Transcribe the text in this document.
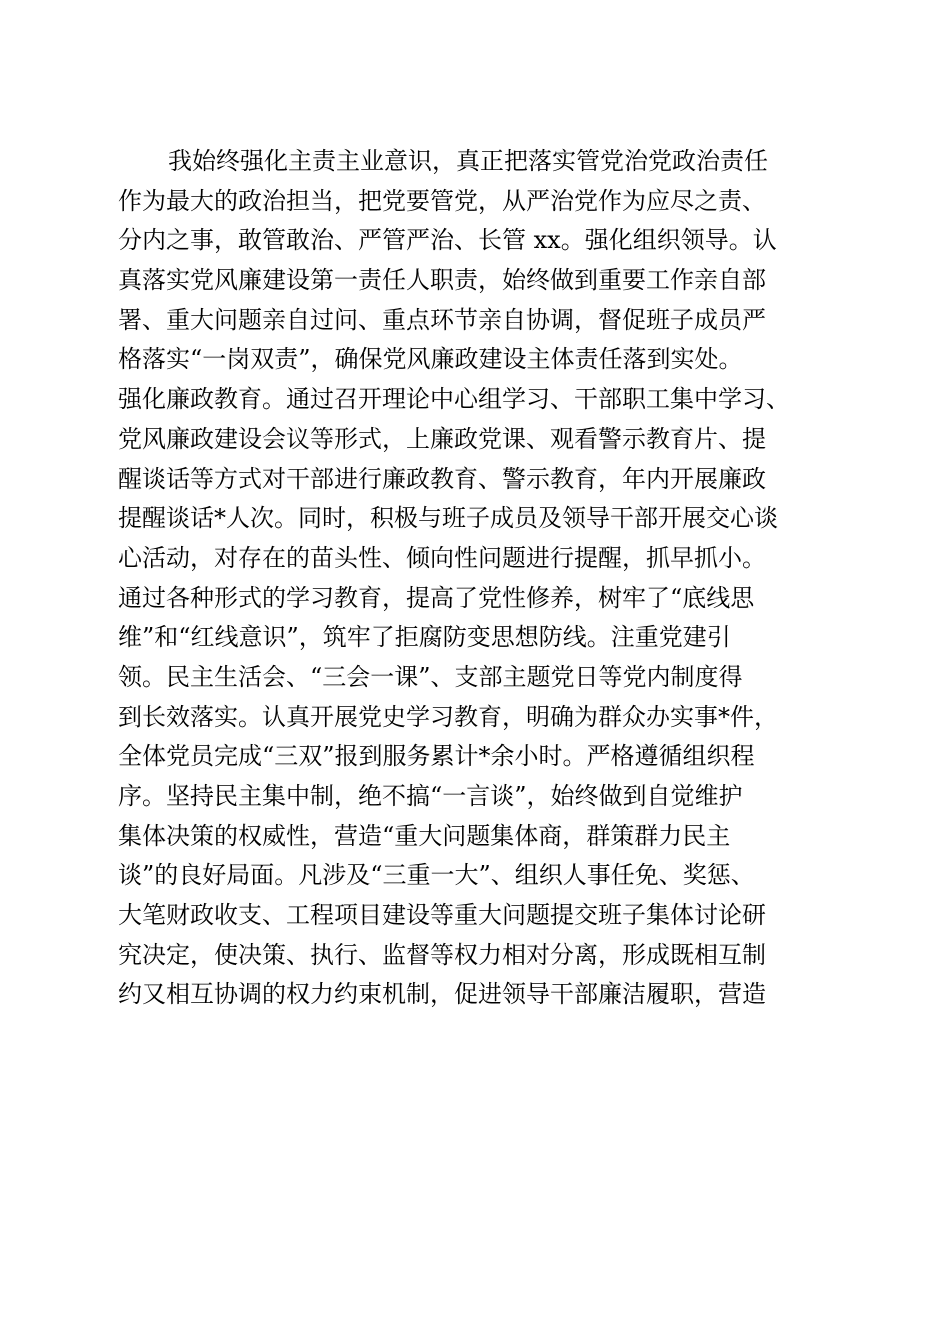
我始终强化主责主业意识，真正把落实管党治党政治责任
作为最大的政治担当，把党要管党，从严治党作为应尽之责、
分内之事，敢管敢治、严管严治、长管 xx。强化组织领导。认
真落实党风廉建设第一责任人职责，始终做到重要工作亲自部
署、重大问题亲自过问、重点环节亲自协调，督促班子成员严
格落实“一岗双责”，确保党风廉政建设主体责任落到实处。
强化廉政教育。通过召开理论中心组学习、干部职工集中学习、
党风廉政建设会议等形式，上廉政党课、观看警示教育片、提
醒谈话等方式对干部进行廉政教育、警示教育，年内开展廉政
提醒谈话*人次。同时，积极与班子成员及领导干部开展交心谈
心活动，对存在的苗头性、倾向性问题进行提醒，抓早抓小。
通过各种形式的学习教育，提高了党性修养，树牢了“底线思
维”和“红线意识”，筑牢了拒腐防变思想防线。注重党建引
领。民主生活会、“三会一课”、支部主题党日等党内制度得
到长效落实。认真开展党史学习教育，明确为群众办实事*件，
全体党员完成“三双”报到服务累计*余小时。严格遵循组织程
序。坚持民主集中制，绝不搞“一言谈”，始终做到自觉维护
集体决策的权威性，营造“重大问题集体商，群策群力民主
谈”的良好局面。凡涉及“三重一大”、组织人事任免、奖惩、
大笔财政收支、工程项目建设等重大问题提交班子集体讨论研
究决定，使决策、执行、监督等权力相对分离，形成既相互制
约又相互协调的权力约束机制，促进领导干部廉洁履职，营造
